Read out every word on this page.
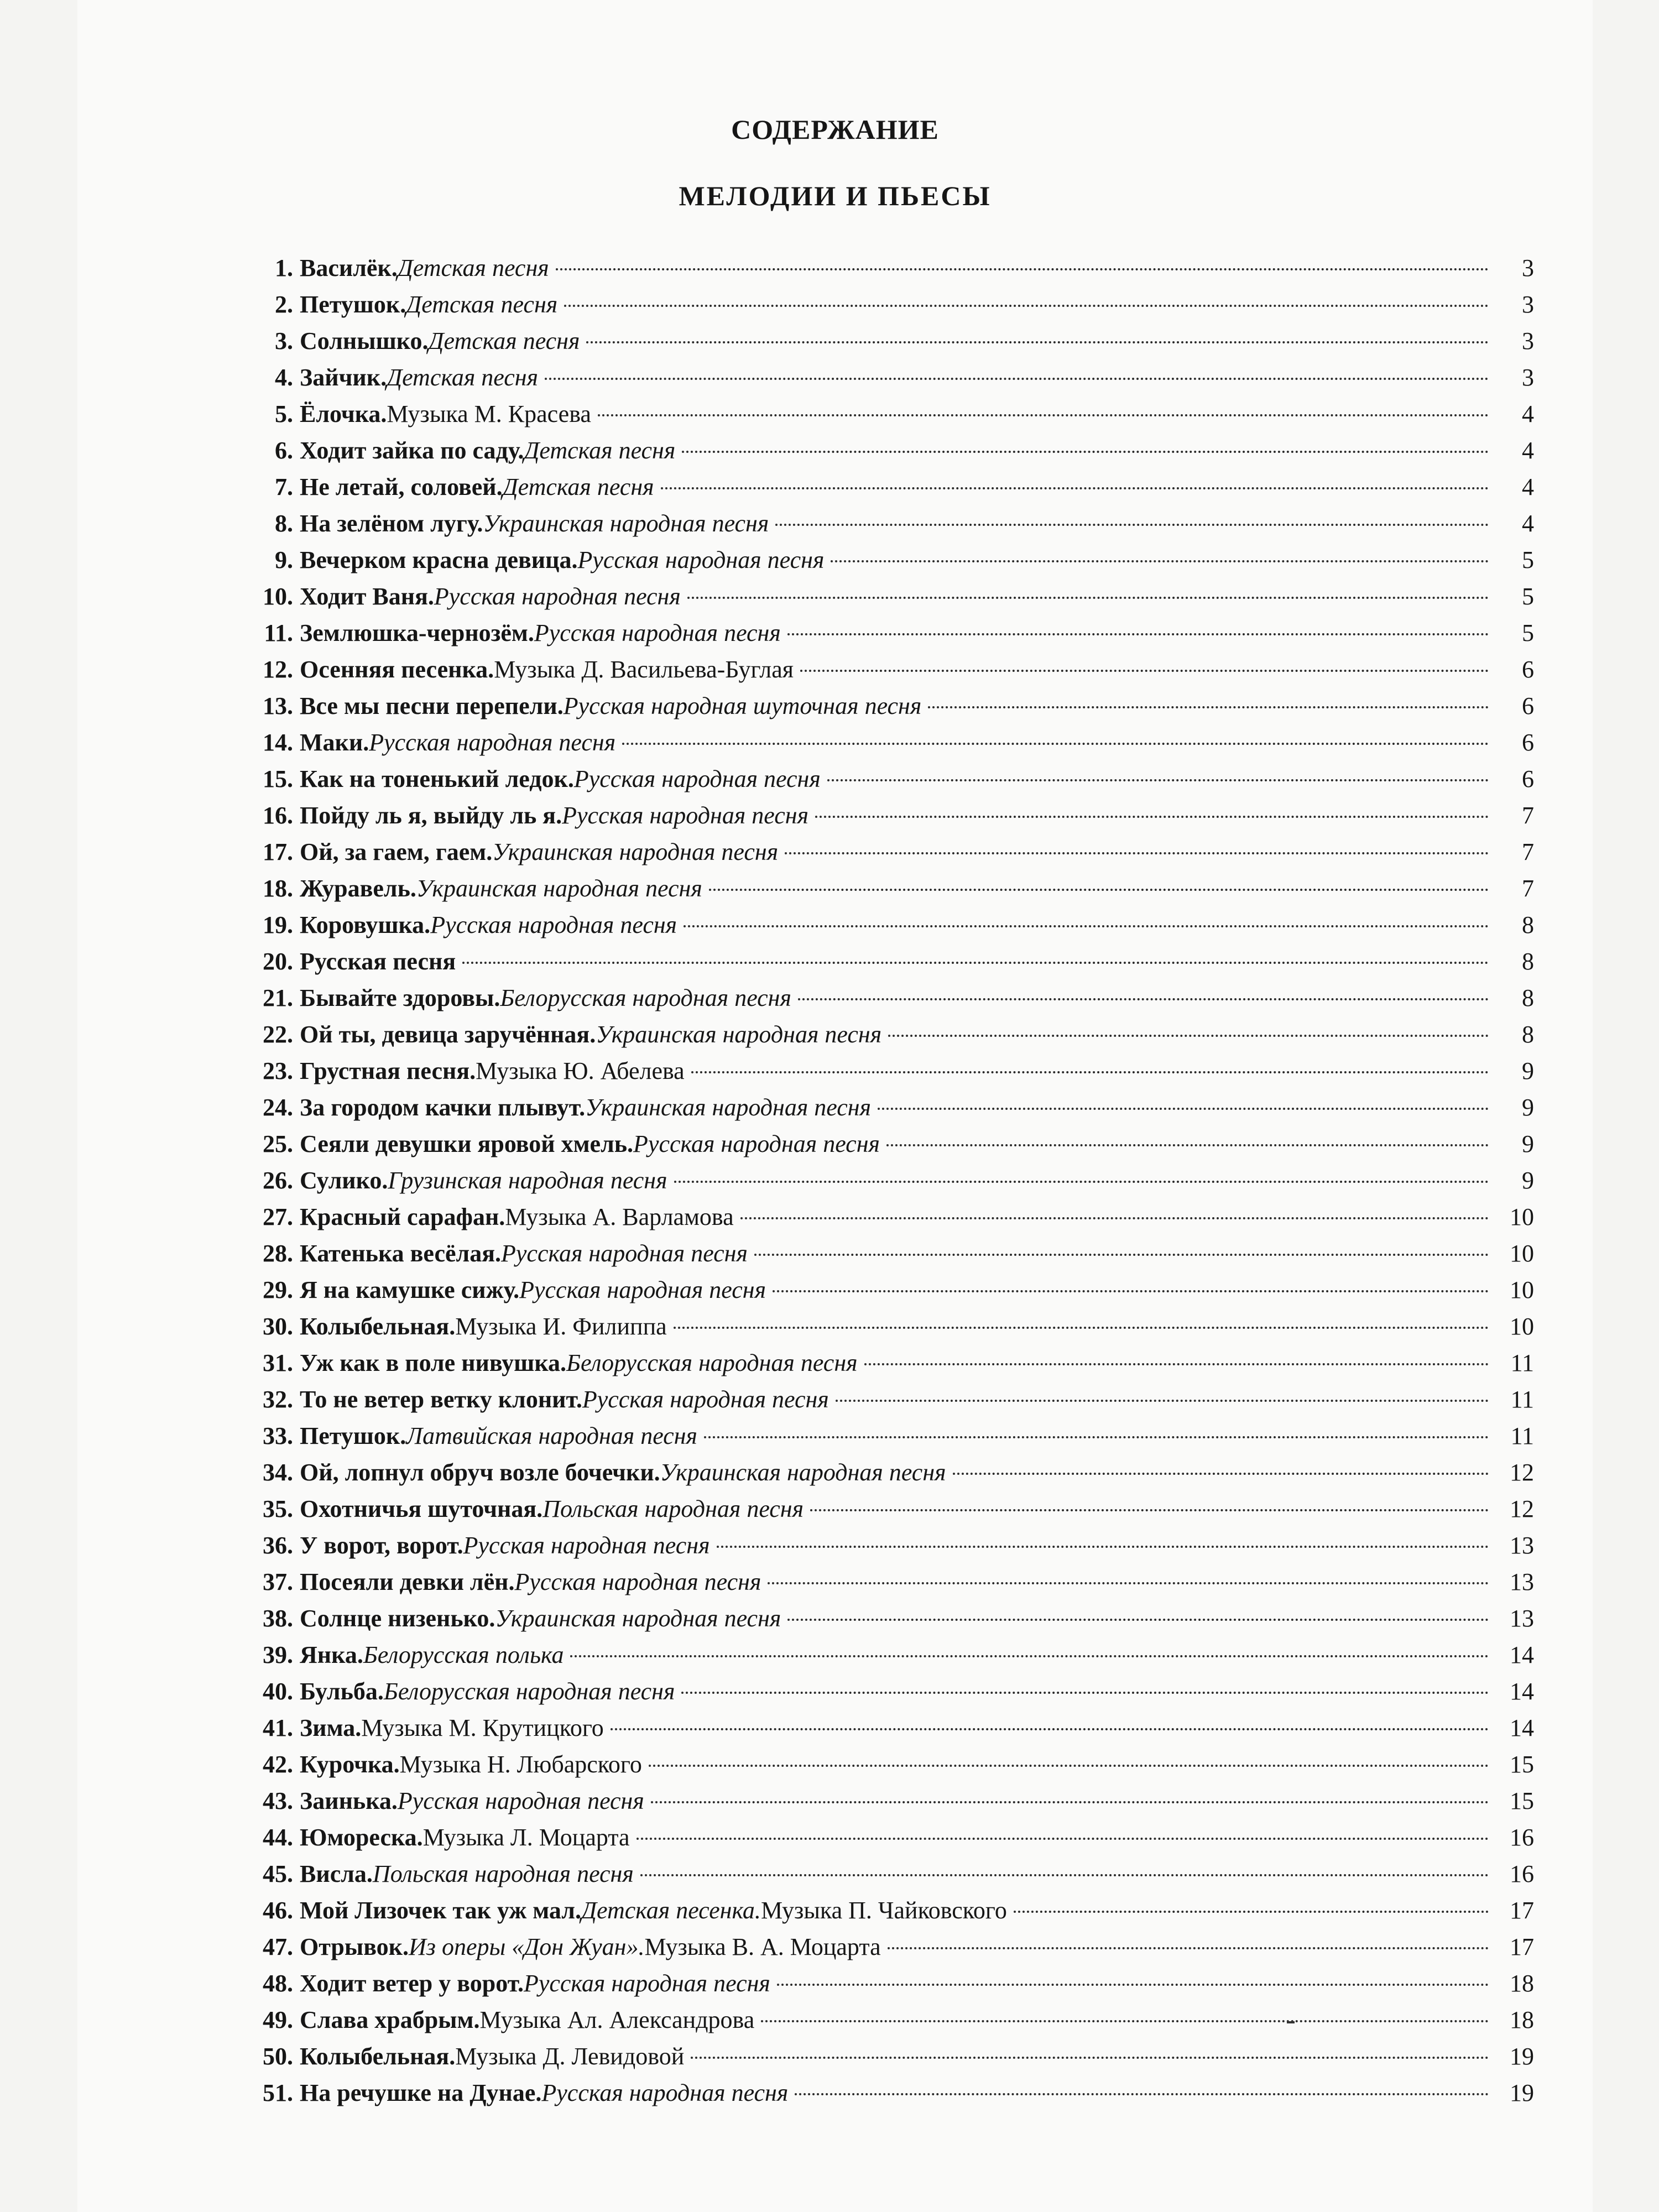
СОДЕРЖАНИЕ
МЕЛОДИИ И ПЬЕСЫ
1. Василёк. Детская песня	3
2. Петушок. Детская песня	3
3. Солнышко. Детская песня	3
4. Зайчик. Детская песня	3
5. Ёлочка. Музыка М. Красева	4
6. Ходит зайка по саду. Детская песня	4
7. Не летай, соловей. Детская песня	4
8. На зелёном лугу. Украинская народная песня	4
9. Вечерком красна девица. Русская народная песня	5
10. Ходит Ваня. Русская народная песня	5
11. Землюшка-чернозём. Русская народная песня	5
12. Осенняя песенка. Музыка Д. Васильева-Буглая	6
13. Все мы песни перепели. Русская народная шуточная песня	6
14. Маки. Русская народная песня	6
15. Как на тоненький ледок. Русская народная песня	6
16. Пойду ль я, выйду ль я. Русская народная песня	7
17. Ой, за гаем, гаем. Украинская народная песня	7
18. Журавель. Украинская народная песня	7
19. Коровушка. Русская народная песня	8
20. Русская песня	8
21. Бывайте здоровы. Белорусская народная песня	8
22. Ой ты, девица заручённая. Украинская народная песня	8
23. Грустная песня. Музыка Ю. Абелева	9
24. За городом качки плывут. Украинская народная песня	9
25. Сеяли девушки яровой хмель. Русская народная песня	9
26. Сулико. Грузинская народная песня	9
27. Красный сарафан. Музыка А. Варламова	10
28. Катенька весёлая. Русская народная песня	10
29. Я на камушке сижу. Русская народная песня	10
30. Колыбельная. Музыка И. Филиппа	10
31. Уж как в поле нивушка. Белорусская народная песня	11
32. То не ветер ветку клонит. Русская народная песня	11
33. Петушок. Латвийская народная песня	11
34. Ой, лопнул обруч возле бочечки. Украинская народная песня	12
35. Охотничья шуточная. Польская народная песня	12
36. У ворот, ворот. Русская народная песня	13
37. Посеяли девки лён. Русская народная песня	13
38. Солнце низенько. Украинская народная песня	13
39. Янка. Белорусская полька	14
40. Бульба. Белорусская народная песня	14
41. Зима. Музыка М. Крутицкого	14
42. Курочка. Музыка Н. Любарского	15
43. Заинька. Русская народная песня	15
44. Юмореска. Музыка Л. Моцарта	16
45. Висла. Польская народная песня	16
46. Мой Лизочек так уж мал. Детская песенка. Музыка П. Чайковского	17
47. Отрывок. Из оперы «Дон Жуан». Музыка В. А. Моцарта	17
48. Ходит ветер у ворот. Русская народная песня	18
49. Слава храбрым. Музыка Ал. Александрова	18
50. Колыбельная. Музыка Д. Левидовой	19
51. На речушке на Дунае. Русская народная песня	19
